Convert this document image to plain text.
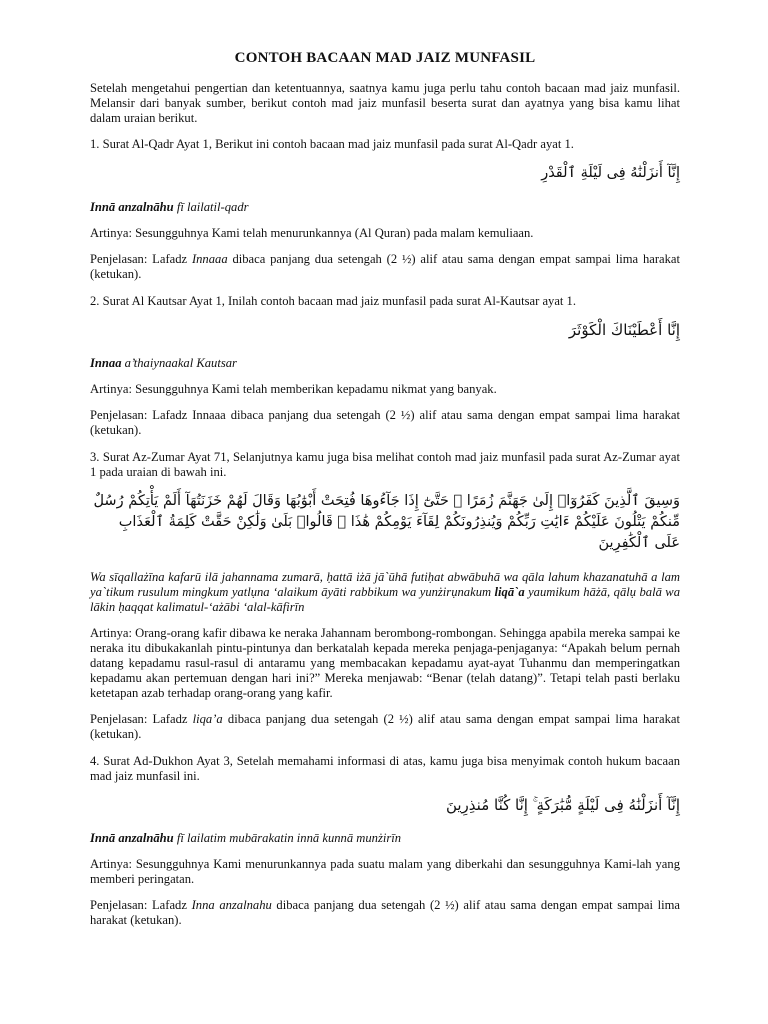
CONTOH BACAAN MAD JAIZ MUNFASIL

Setelah mengetahui pengertian dan ketentuannya, saatnya kamu juga perlu tahu contoh bacaan mad jaiz munfasil. Melansir dari banyak sumber, berikut contoh mad jaiz munfasil beserta surat dan ayatnya yang bisa kamu lihat dalam uraian berikut.

1. Surat Al-Qadr Ayat 1, Berikut ini contoh bacaan mad jaiz munfasil pada surat Al-Qadr ayat 1.

إِنَّآ أَنزَلْنَٰهُ فِى لَيْلَةِ ٱلْقَدْرِ

Innā anzalnāhu fī lailatil-qadr

Artinya: Sesungguhnya Kami telah menurunkannya (Al Quran) pada malam kemuliaan.

Penjelasan: Lafadz Innaaa dibaca panjang dua setengah (2 ½) alif atau sama dengan empat sampai lima harakat (ketukan).

2. Surat Al Kautsar Ayat 1, Inilah contoh bacaan mad jaiz munfasil pada surat Al-Kautsar ayat 1.

إِنَّا أَعْطَيْنَاكَ الْكَوْثَرَ

Innaa a’thaiynaakal Kautsar

Artinya: Sesungguhnya Kami telah memberikan kepadamu nikmat yang banyak.

Penjelasan: Lafadz Innaaa dibaca panjang dua setengah (2 ½) alif atau sama dengan empat sampai lima harakat (ketukan).

3. Surat Az-Zumar Ayat 71, Selanjutnya kamu juga bisa melihat contoh mad jaiz munfasil pada surat Az-Zumar ayat 1 pada uraian di bawah ini.

وَسِيقَ ٱلَّذِينَ كَفَرُوٓا۟ إِلَىٰ جَهَنَّمَ زُمَرًا ۖ حَتَّىٰٓ إِذَا جَآءُوهَا فُتِحَتْ أَبْوَٰبُهَا وَقَالَ لَهُمْ خَزَنَتُهَآ أَلَمْ يَأْتِكُمْ رُسُلٌ مِّنكُمْ يَتْلُونَ عَلَيْكُمْ ءَايَٰتِ رَبِّكُمْ وَيُنذِرُونَكُمْ لِقَآءَ يَوْمِكُمْ هَٰذَا ۚ قَالُوا۟ بَلَىٰ وَلَٰكِنْ حَقَّتْ كَلِمَةُ ٱلْعَذَابِ عَلَى ٱلْكَٰفِرِينَ

Wa sīqallażīna kafarū ilā jahannama zumarā, ḥattā iżā jā`ūhā futiḥat abwābuhā wa qāla lahum khazanatuhā a lam ya`tikum rusulum mingkum yatlụna ‘alaikum āyāti rabbikum wa yunżirụnakum liqā`a yaumikum hāżā, qālụ balā wa lākin ḥaqqat kalimatul-‘ażābi ‘alal-kāfirīn

Artinya: Orang-orang kafir dibawa ke neraka Jahannam berombong-rombongan. Sehingga apabila mereka sampai ke neraka itu dibukakanlah pintu-pintunya dan berkatalah kepada mereka penjaga-penjaganya: “Apakah belum pernah datang kepadamu rasul-rasul di antaramu yang membacakan kepadamu ayat-ayat Tuhanmu dan memperingatkan kepadamu akan pertemuan dengan hari ini?” Mereka menjawab: “Benar (telah datang)”. Tetapi telah pasti berlaku ketetapan azab terhadap orang-orang yang kafir.

Penjelasan: Lafadz liqa’a dibaca panjang dua setengah (2 ½) alif atau sama dengan empat sampai lima harakat (ketukan).

4. Surat Ad-Dukhon Ayat 3, Setelah memahami informasi di atas, kamu juga bisa menyimak contoh hukum bacaan mad jaiz munfasil ini.

إِنَّآ أَنزَلْنَٰهُ فِى لَيْلَةٍ مُّبَٰرَكَةٍ ۚ إِنَّا كُنَّا مُنذِرِينَ

Innā anzalnāhu fī lailatim mubārakatin innā kunnā munżirīn

Artinya: Sesungguhnya Kami menurunkannya pada suatu malam yang diberkahi dan sesungguhnya Kami-lah yang memberi peringatan.

Penjelasan: Lafadz Inna anzalnahu dibaca panjang dua setengah (2 ½) alif atau sama dengan empat sampai lima harakat (ketukan).
